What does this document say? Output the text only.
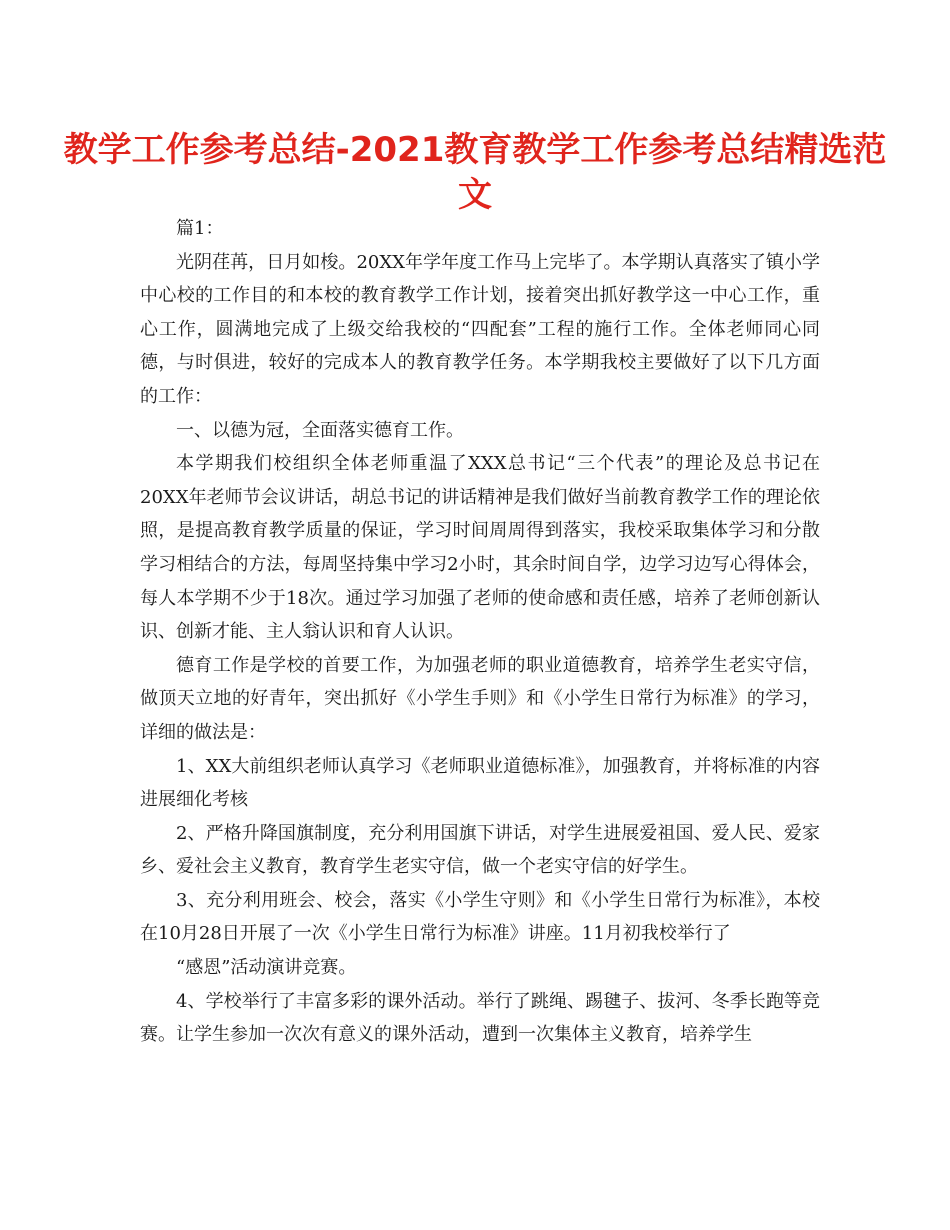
教学工作参考总结-2021教育教学工作参考总结精选范文

篇1：

光阴荏苒，日月如梭。20XX年学年度工作马上完毕了。本学期认真落实了镇小学中心校的工作目的和本校的教育教学工作计划，接着突出抓好教学这一中心工作，重心工作，圆满地完成了上级交给我校的“四配套”工程的施行工作。全体老师同心同德，与时俱进，较好的完成本人的教育教学任务。本学期我校主要做好了以下几方面的工作：

一、以德为冠，全面落实德育工作。

本学期我们校组织全体老师重温了XXX总书记“三个代表”的理论及总书记在20XX年老师节会议讲话，胡总书记的讲话精神是我们做好当前教育教学工作的理论依照，是提高教育教学质量的保证，学习时间周周得到落实，我校采取集体学习和分散学习相结合的方法，每周坚持集中学习2小时，其余时间自学，边学习边写心得体会，每人本学期不少于18次。通过学习加强了老师的使命感和责任感，培养了老师创新认识、创新才能、主人翁认识和育人认识。

德育工作是学校的首要工作，为加强老师的职业道德教育，培养学生老实守信，做顶天立地的好青年，突出抓好《小学生手则》和《小学生日常行为标准》的学习，详细的做法是：

1、XX大前组织老师认真学习《老师职业道德标准》，加强教育，并将标准的内容进展细化考核

2、严格升降国旗制度，充分利用国旗下讲话，对学生进展爱祖国、爱人民、爱家乡、爱社会主义教育，教育学生老实守信，做一个老实守信的好学生。

3、充分利用班会、校会，落实《小学生守则》和《小学生日常行为标准》，本校在10月28日开展了一次《小学生日常行为标准》讲座。11月初我校举行了

“感恩”活动演讲竞赛。

4、学校举行了丰富多彩的课外活动。举行了跳绳、踢毽子、拔河、冬季长跑等竞赛。让学生参加一次次有意义的课外活动，遭到一次集体主义教育，培养学生
